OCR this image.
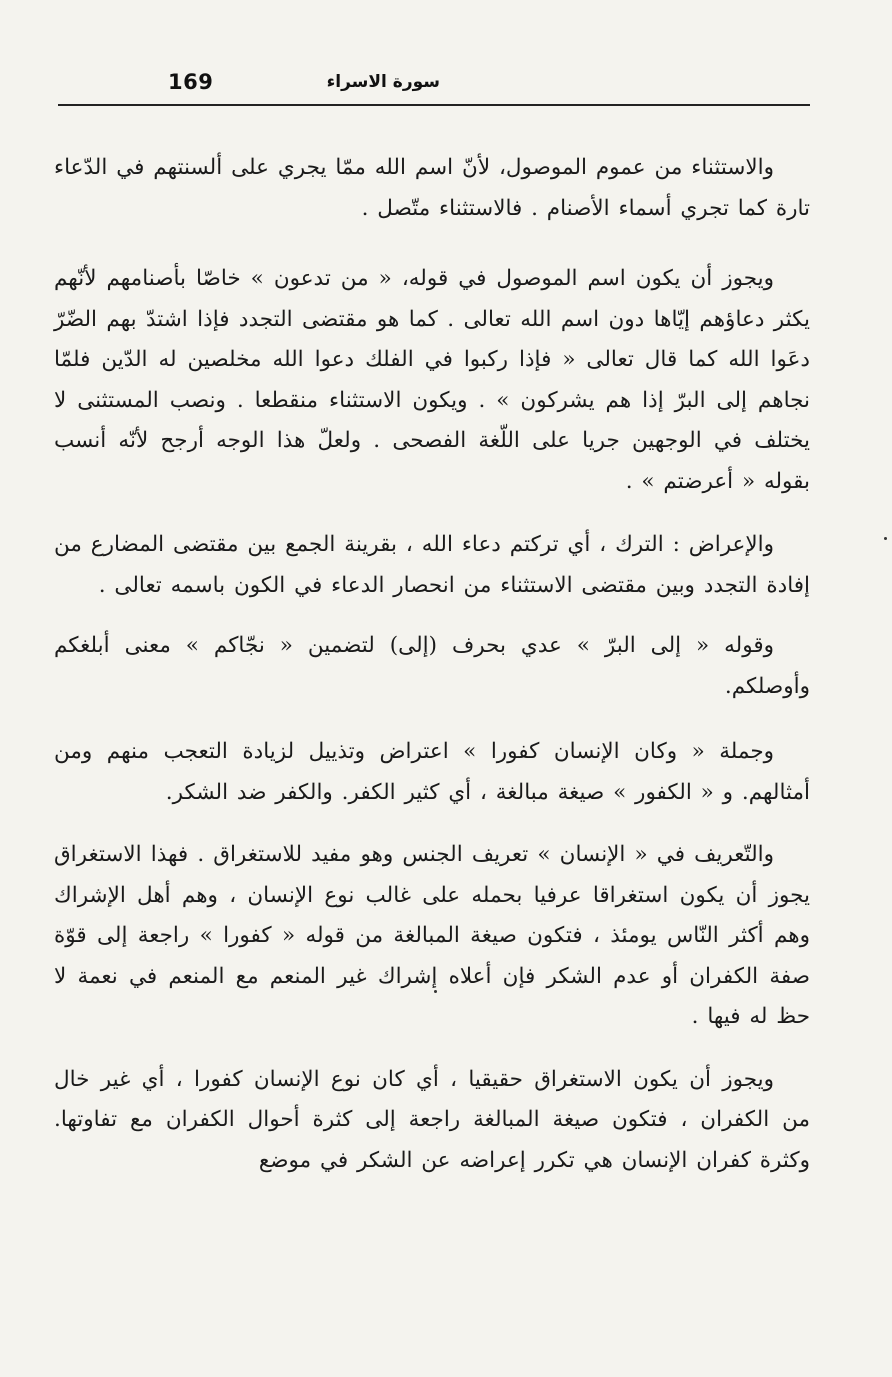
169	سورة الاسراء

والاستثناء من عموم الموصول، لأنّ اسم الله ممّا يجري على ألسنتهم في الدّعاء تارة كما تجري أسماء الأصنام . فالاستثناء متّصل .

ويجوز أن يكون اسم الموصول في قوله، « من تدعون » خاصّا بأصنامهم لأنّهم يكثر دعاؤهم إيّاها دون اسم الله تعالى . كما هو مقتضى التجدد فإذا اشتدّ بهم الضّرّ دعَوا الله كما قال تعالى « فإذا ركبوا في الفلك دعوا الله مخلصين له الدّين فلمّا نجاهم إلى البرّ إذا هم يشركون » . ويكون الاستثناء منقطعا . ونصب المستثنى لا يختلف في الوجهين جريا على اللّغة الفصحى . ولعلّ هذا الوجه أرجح لأنّه أنسب بقوله « أعرضتم » .

والإعراض : الترك ، أي تركتم دعاء الله ، بقرينة الجمع بين مقتضى المضارع من إفادة التجدد وبين مقتضى الاستثناء من انحصار الدعاء في الكون باسمه تعالى .

وقوله « إلى البرّ » عدي بحرف (إلى) لتضمين « نجّاكم » معنى أبلغكم وأوصلكم.

وجملة « وكان الإنسان كفورا » اعتراض وتذييل لزيادة التعجب منهم ومن أمثالهم. و « الكفور » صيغة مبالغة ، أي كثير الكفر. والكفر ضد الشكر.

والتّعريف في « الإنسان » تعريف الجنس وهو مفيد للاستغراق . فهذا الاستغراق يجوز أن يكون استغراقا عرفيا بحمله على غالب نوع الإنسان ، وهم أهل الإشراك وهم أكثر النّاس يومئذ ، فتكون صيغة المبالغة من قوله « كفورا » راجعة إلى قوّة صفة الكفران أو عدم الشكر فإن أعلاه إشراك غير المنعم مع المنعم في نعمة لا حظ له فيها .

ويجوز أن يكون الاستغراق حقيقيا ، أي كان نوع الإنسان كفورا ، أي غير خال من الكفران ، فتكون صيغة المبالغة راجعة إلى كثرة أحوال الكفران مع تفاوتها. وكثرة كفران الإنسان هي تكرر إعراضه عن الشكر في موضع
